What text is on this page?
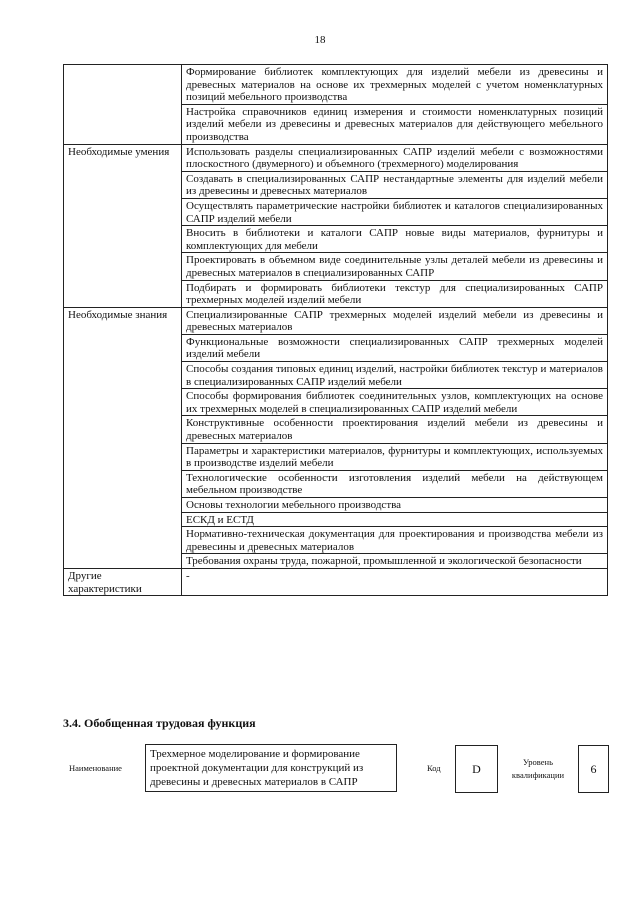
18
	Формирование библиотек комплектующих для изделий мебели из древесины и древесных материалов на основе их трехмерных моделей с учетом номенклатурных позиций мебельного производства
	Настройка справочников единиц измерения и стоимости номенклатурных позиций изделий мебели из древесины и древесных материалов для действующего мебельного производства
Необходимые умения	Использовать разделы специализированных САПР изделий мебели с возможностями плоскостного (двумерного) и объемного (трехмерного) моделирования
	Создавать в специализированных САПР нестандартные элементы для изделий мебели из древесины и древесных материалов
	Осуществлять параметрические настройки библиотек и каталогов специализированных САПР изделий мебели
	Вносить в библиотеки и каталоги САПР новые виды материалов, фурнитуры и комплектующих для мебели
	Проектировать в объемном виде соединительные узлы деталей мебели из древесины и древесных материалов в специализированных САПР
	Подбирать и формировать библиотеки текстур для специализированных САПР трехмерных моделей изделий мебели
Необходимые знания	Специализированные САПР трехмерных моделей изделий мебели из древесины и древесных материалов
	Функциональные возможности специализированных САПР трехмерных моделей изделий мебели
	Способы создания типовых единиц изделий, настройки библиотек текстур и материалов в специализированных САПР изделий мебели
	Способы формирования библиотек соединительных узлов, комплектующих на основе их трехмерных моделей в специализированных САПР изделий мебели
	Конструктивные особенности проектирования изделий мебели из древесины и древесных материалов
	Параметры и характеристики материалов, фурнитуры и комплектующих, используемых в производстве изделий мебели
	Технологические особенности изготовления изделий мебели на действующем мебельном производстве
	Основы технологии мебельного производства
	ЕСКД и ЕСТД
	Нормативно-техническая документация для проектирования и производства мебели из древесины и древесных материалов
	Требования охраны труда, пожарной, промышленной и экологической безопасности
Другие характеристики	-
3.4. Обобщенная трудовая функция
Наименование
Трехмерное моделирование и формирование проектной документации для конструкций из древесины и древесных материалов в САПР
Код	D	Уровень квалификации	6
